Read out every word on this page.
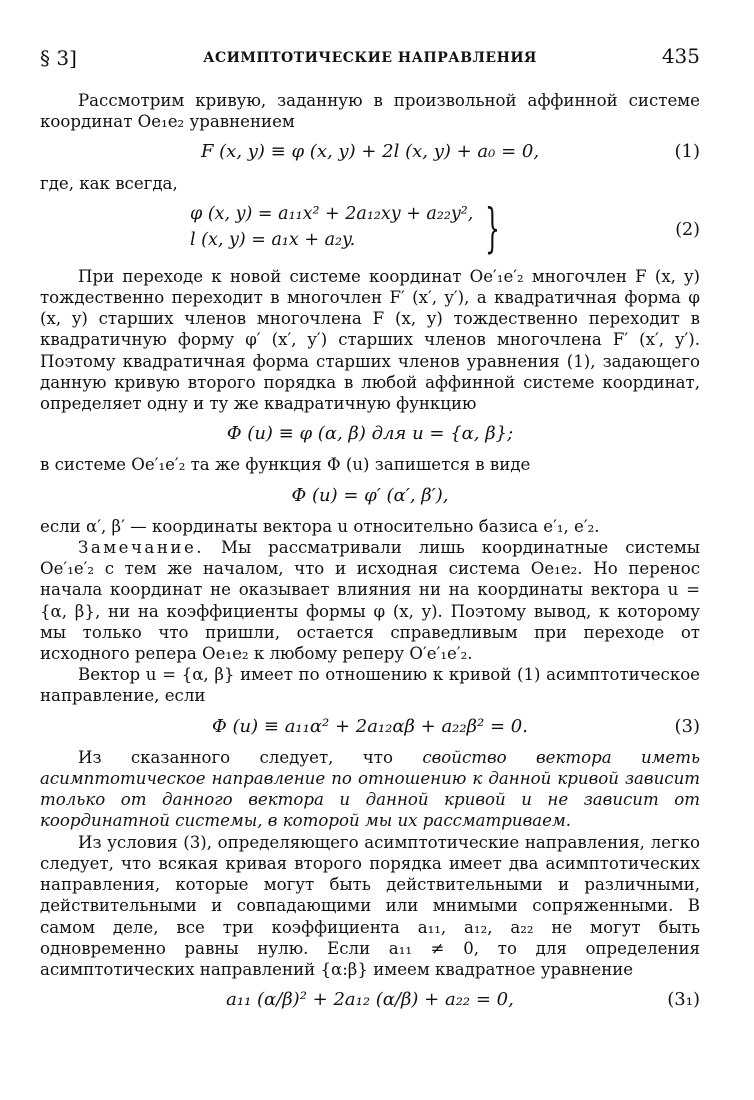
§ 3]	АСИМПТОТИЧЕСКИЕ НАПРАВЛЕНИЯ	435

Рассмотрим кривую, заданную в произвольной аффинной системе координат Oe₁e₂ уравнением

F (x, y) ≡ φ (x, y) + 2l (x, y) + a₀ = 0,	(1)

где, как всегда,

φ (x, y) = a₁₁x² + 2a₁₂xy + a₂₂y²,
l (x, y) = a₁x + a₂y. }	(2)

При переходе к новой системе координат Oe′₁e′₂ многочлен F (x, y) тождественно переходит в многочлен F′ (x′, y′), а квадратичная форма φ (x, y) старших членов многочлена F (x, y) тождественно переходит в квадратичную форму φ′ (x′, y′) старших членов многочлена F′ (x′, y′). Поэтому квадратичная форма старших членов уравнения (1), задающего данную кривую второго порядка в любой аффинной системе координат, определяет одну и ту же квадратичную функцию

Φ (u) ≡ φ (α, β) для u = {α, β};

в системе Oe′₁e′₂ та же функция Φ (u) запишется в виде

Φ (u) = φ′ (α′, β′),

если α′, β′ — координаты вектора u относительно базиса e′₁, e′₂.

Замечание. Мы рассматривали лишь координатные системы Oe′₁e′₂ с тем же началом, что и исходная система Oe₁e₂. Но перенос начала координат не оказывает влияния ни на координаты вектора u = {α, β}, ни на коэффициенты формы φ (x, y). Поэтому вывод, к которому мы только что пришли, остается справедливым при переходе от исходного репера Oe₁e₂ к любому реперу O′e′₁e′₂.

Вектор u = {α, β} имеет по отношению к кривой (1) асимптотическое направление, если

Φ (u) ≡ a₁₁α² + 2a₁₂αβ + a₂₂β² = 0.	(3)

Из сказанного следует, что свойство вектора иметь асимптотическое направление по отношению к данной кривой зависит только от данного вектора и данной кривой и не зависит от координатной системы, в которой мы их рассматриваем.

Из условия (3), определяющего асимптотические направления, легко следует, что всякая кривая второго порядка имеет два асимптотических направления, которые могут быть действительными и различными, действительными и совпадающими или мнимыми сопряженными. В самом деле, все три коэффициента a₁₁, a₁₂, a₂₂ не могут быть одновременно равны нулю. Если a₁₁ ≠ 0, то для определения асимптотических направлений {α:β} имеем квадратное уравнение

a₁₁ (α/β)² + 2a₁₂ (α/β) + a₂₂ = 0,	(3₁)
